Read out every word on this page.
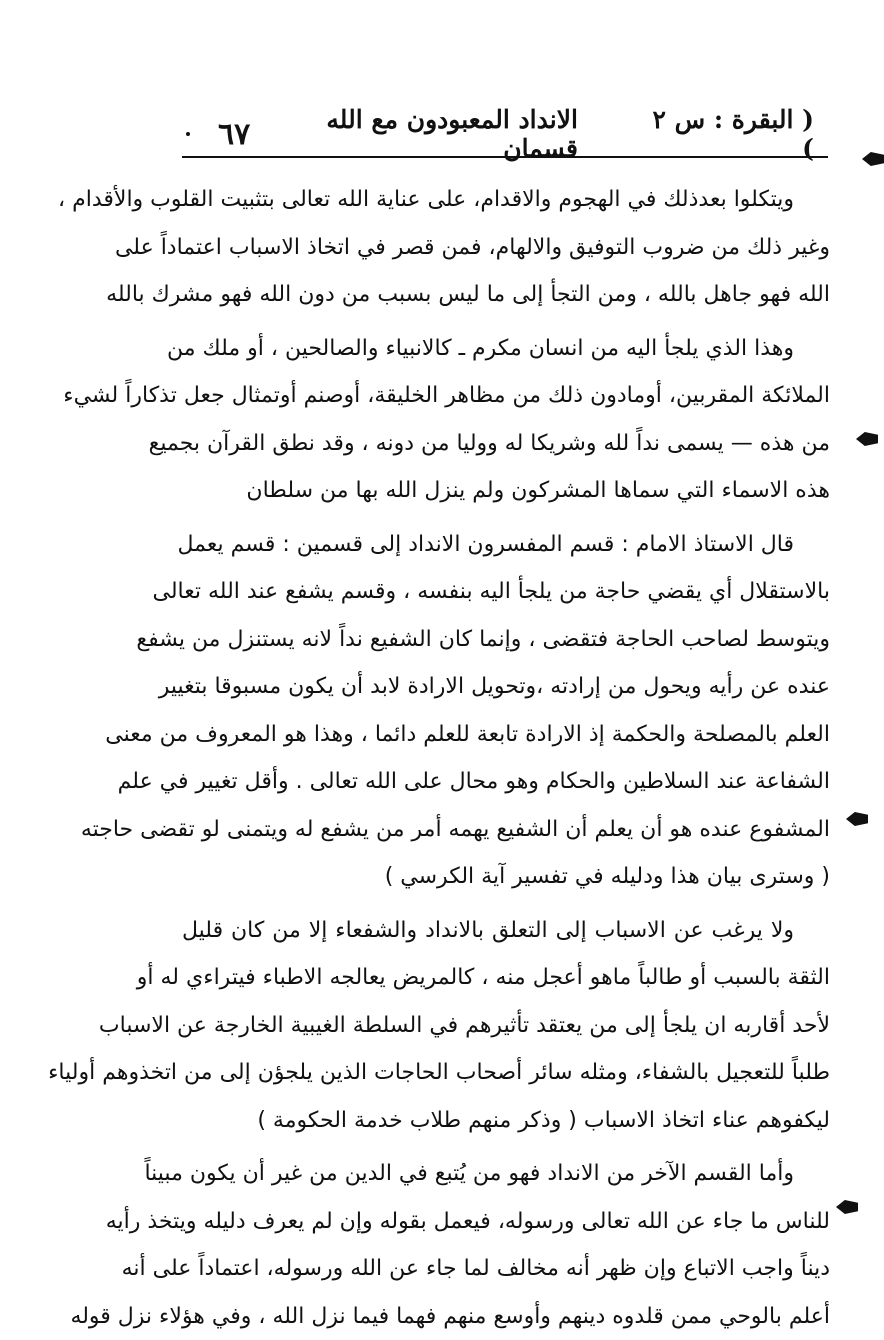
( البقرة : س ٢ )
الانداد المعبودون مع الله قسمان
٦٧
ويتكلوا بعدذلك في الهجوم والاقدام، على عناية الله تعالى بتثبيت القلوب والأقدام ،
وغير ذلك من ضروب التوفيق والالهام، فمن قصر في اتخاذ الاسباب اعتماداً على
الله فهو جاهل بالله ، ومن التجأ إلى ما ليس بسبب من دون الله فهو مشرك بالله
وهذا الذي يلجأ اليه من انسان مكرم ـ كالانبياء والصالحين ، أو ملك من
الملائكة المقربين، أومادون ذلك من مظاهر الخليقة، أوصنم أوتمثال جعل تذكاراً لشيء
من هذه — يسمى نداً لله وشريكا له ووليا من دونه ، وقد نطق القرآن بجميع
هذه الاسماء التي سماها المشركون ولم ينزل الله بها من سلطان
قال الاستاذ الامام : قسم المفسرون الانداد إلى قسمين : قسم يعمل
بالاستقلال أي يقضي حاجة من يلجأ اليه بنفسه ، وقسم يشفع عند الله تعالى
ويتوسط لصاحب الحاجة فتقضى ، وإنما كان الشفيع نداً لانه يستنزل من يشفع
عنده عن رأيه ويحول من إرادته ،وتحويل الارادة لابد أن يكون مسبوقا بتغيير
العلم بالمصلحة والحكمة إذ الارادة تابعة للعلم دائما ، وهذا هو المعروف من معنى
الشفاعة عند السلاطين والحكام وهو محال على الله تعالى . وأقل تغيير في علم
المشفوع عنده هو أن يعلم أن الشفيع يهمه أمر من يشفع له ويتمنى لو تقضى حاجته
( وسترى بيان هذا ودليله في تفسير آية الكرسي )
ولا يرغب عن الاسباب إلى التعلق بالانداد والشفعاء إلا من كان قليل
الثقة بالسبب أو طالباً ماهو أعجل منه ، كالمريض يعالجه الاطباء فيتراءي له أو
لأحد أقاربه ان يلجأ إلى من يعتقد تأثيرهم في السلطة الغيبية الخارجة عن الاسباب
طلباً للتعجيل بالشفاء، ومثله سائر أصحاب الحاجات الذين يلجؤن إلى من اتخذوهم أولياء
ليكفوهم عناء اتخاذ الاسباب ( وذكر منهم طلاب خدمة الحكومة )
وأما القسم الآخر من الانداد فهو من يُتبع في الدين من غير أن يكون مبيناً
للناس ما جاء عن الله تعالى ورسوله، فيعمل بقوله وإن لم يعرف دليله ويتخذ رأيه
ديناً واجب الاتباع وإن ظهر أنه مخالف لما جاء عن الله ورسوله، اعتماداً على أنه
أعلم بالوحي ممن قلدوه دينهم وأوسع منهم فهما فيما نزل الله ، وفي هؤلاء نزل قوله
